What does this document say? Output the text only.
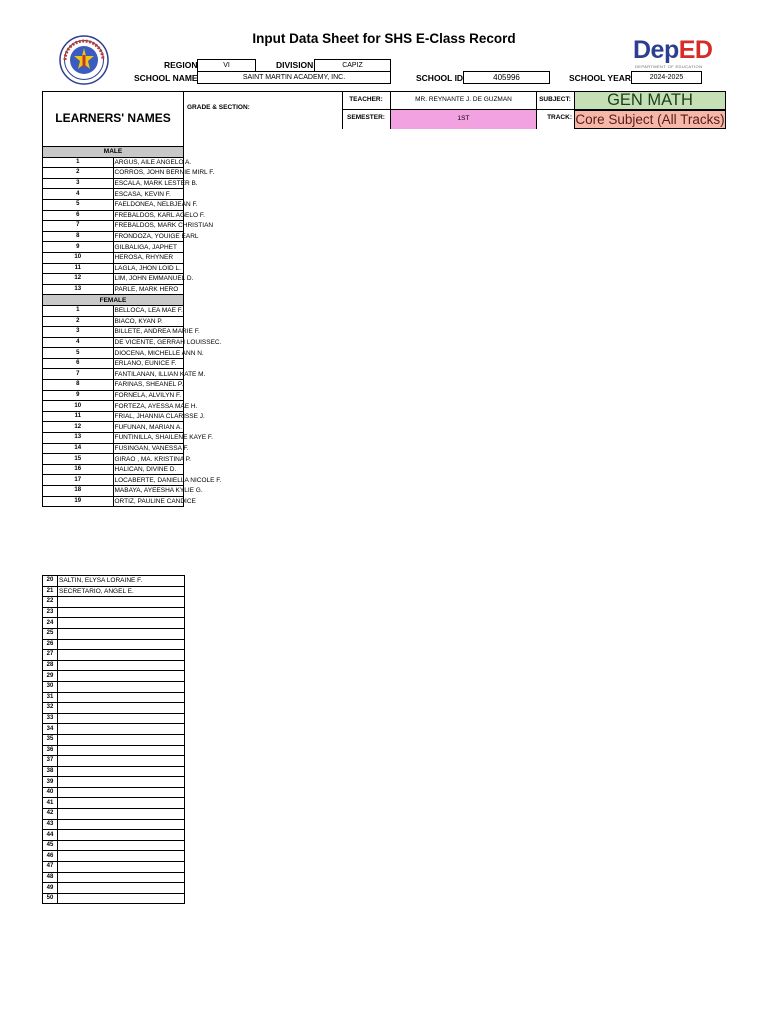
Input Data Sheet for SHS E-Class Record	DepED
DEPARTMENT OF EDUCATION
REGION	VI	DIVISION	CAPIZ
SCHOOL NAME	SAINT MARTIN ACADEMY, INC.	SCHOOL ID	405996	SCHOOL YEAR	2024-2025
LEARNERS' NAMES
GRADE & SECTION:
TEACHER:	MR. REYNANTE J. DE GUZMAN	SUBJECT:	GEN MATH
SEMESTER:	1ST	TRACK: Core Subject (All Tracks)
MALE	
1	ARGUS, AILE ANGELO A.
2	CORROS, JOHN BERNIE MIRL F.
3	ESCALA, MARK LESTER B.
4	ESCASA, KEVIN F.
5	FAELDONEA, NELBJEAN F.
6	FREBALDOS, KARL AGELO F.
7	FREBALDOS, MARK CHRISTIAN
8	FRONDOZA, YOUIGE EARL
9	GILBALIGA, JAPHET
10	HEROSA, RHYNER
11	LAGLA, JHON LOID L.
12	LIM, JOHN EMMANUEL D.
13	PARLE, MARK HERO
FEMALE	
1	BELLOCA, LEA MAE F.
2	BIACO, KYAN P.
3	BILLETE, ANDREA MARIE F.
4	DE VICENTE, GERRAH LOUISSEC.
5	DIOCENA, MICHELLE ANN N.
6	ERLANO, EUNICE F.
7	FANTILANAN, ILLIAN KATE M.
8	FARINAS, SHEANEL P.
9	FORNELA, ALVILYN F.
10	FORTEZA, AYESSA MAE H.
11	FRIAL, JHANNIA CLARISSE J.
12	FUFUNAN, MARIAN A.
13	FUNTINILLA, SHAILENE KAYE F.
14	FUSINGAN, VANESSA F.
15	GIRAO , MA. KRISTINA P.
16	HALICAN, DIVINE D.
17	LOCABERTE, DANIELLA NICOLE F.
18	MABAYA, AYEESHA KYLIE G.
19	ORTIZ, PAULINE CANDICE
20	SALTIN, ELYSA LORAINE F.
21	SECRETARIO, ANGEL E.
22	
23	
24	
25	
26	
27	
28	
29	
30	
31	
32	
33	
34	
35	
36	
37	
38	
39	
40	
41	
42	
43	
44	
45	
46	
47	
48	
49	
50	
